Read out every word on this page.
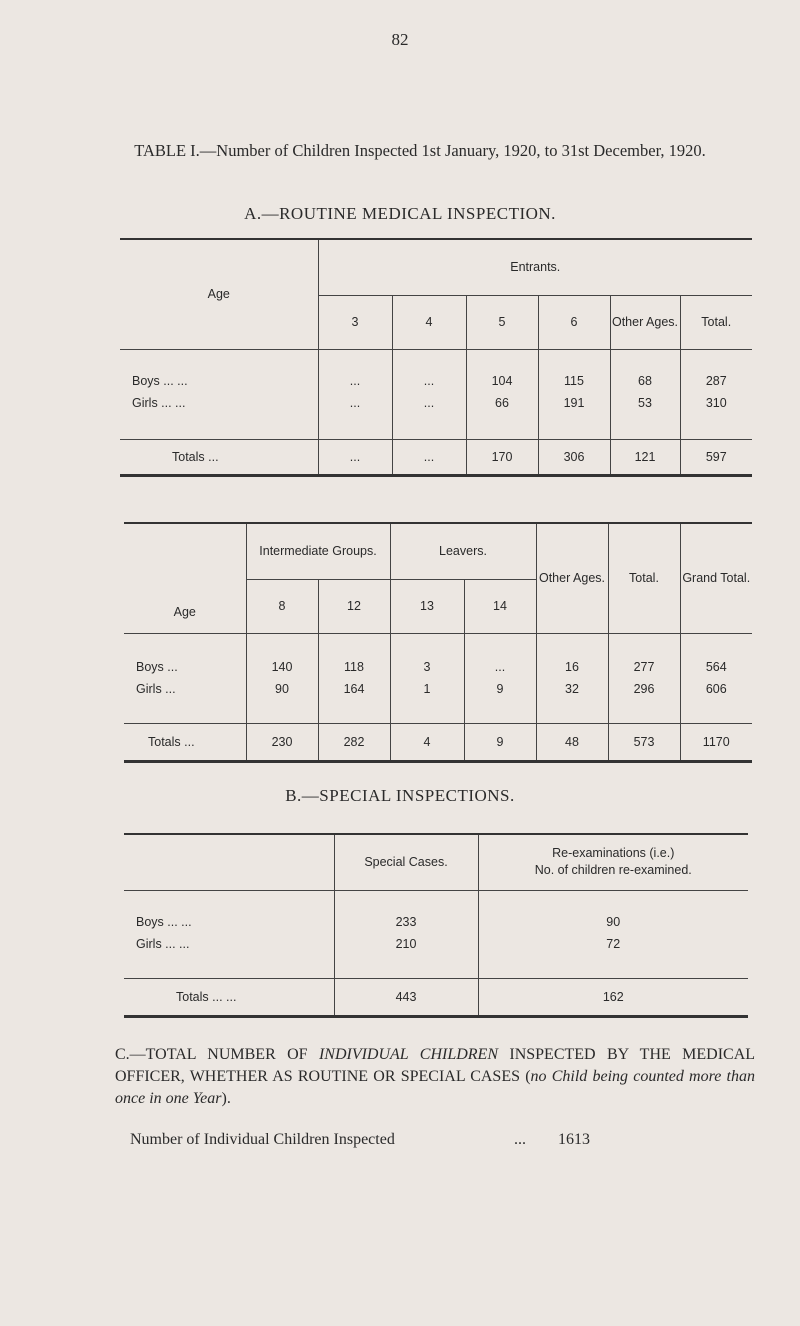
82
TABLE I.—Number of Children Inspected 1st January, 1920, to 31st December, 1920.
A.—ROUTINE MEDICAL INSPECTION.
Age	Entrants.					
	3	4	5	6	Other Ages.	Total.

Boys ... ...	...	...	104	115	68	287
Girls ... ...	...	...	66	191	53	310
Totals ...	...	...	170	306	121	597
Age	Intermediate Groups.		Leavers.		Other Ages.	Total.	Grand Total.
	8	12	13	14			

Boys ...	140	118	3	...	16	277	564
Girls ...	90	164	1	9	32	296	606
Totals ...	230	282	4	9	48	573	1170
B.—SPECIAL INSPECTIONS.
	Special Cases.	Re-examinations (i.e.)
No. of children re-examined.

Boys ... ...	233	90
Girls ... ...	210	72
Totals ... ...	443	162
C.—TOTAL NUMBER OF INDIVIDUAL CHILDREN INSPECTED BY THE MEDICAL OFFICER, WHETHER AS ROUTINE OR SPECIAL CASES (no Child being counted more than once in one Year).
Number of Individual Children Inspected	... 1613
